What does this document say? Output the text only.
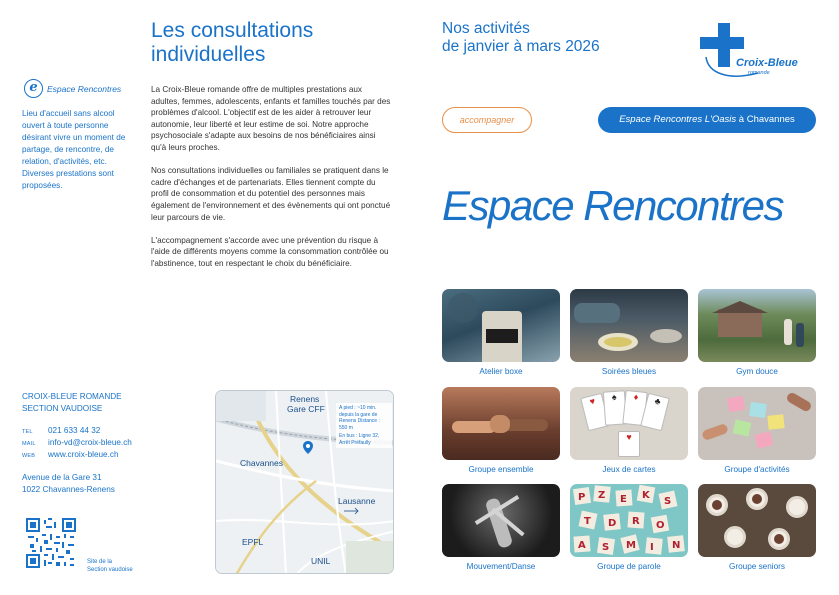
e	Espace Rencontres
Lieu d'accueil sans alcool ouvert à toute personne désirant vivre un moment de partage, de rencontre, de relation, d'activités, etc. Diverses prestations sont proposées.
CROIX-BLEUE ROMANDE
SECTION VAUDOISE
TEL	021 633 44 32
MAIL	info-vd@croix-bleue.ch
WEB	www.croix-bleue.ch
Avenue de la Gare 31
1022 Chavannes-Renens
Site de la
Section vaudoise
Les consultations
individuelles

La Croix-Bleue romande offre de multiples prestations aux adultes, femmes, adolescents, enfants et familles touchés par des problèmes d'alcool. L'objectif est de les aider à retrouver leur autonomie, leur liberté et leur estime de soi. Notre approche psychosociale s'adapte aux besoins de nos bénéficiaires ainsi qu'à leurs proches.

Nos consultations individuelles ou familiales se pratiquent dans le cadre d'échanges et de partenariats. Elles tiennent compte du profil de consommation et du potentiel des personnes mais également de l'environnement et des évènements qui ont ponctué leur parcours de vie.

L'accompagnement s'accorde avec une prévention du risque à l'aide de différents moyens comme la consommation contrôlée ou l'abstinence, tout en respectant le choix du bénéficiaire.

Renens
Gare CFF
Chavannes
Lausanne
EPFL
UNIL
A pied : ~10 min. depuis la gare de Renens Distance : 550 m
En bus : Ligne 32, Arrêt Préfaully
Nos activités
de janvier à mars 2026
Croix-Bleue
romande
accompagner	Espace Rencontres L'Oasis à Chavannes
Espace Rencontres
Atelier boxe	Soirées bleues	Gym douce
Groupe ensemble
♥	♠	♦	♣
♥
Jeux de cartes	Groupe d'activités
Mouvement/Danse
P Z E K
S
T D R O
A S M I N
Groupe de parole	Groupe seniors
